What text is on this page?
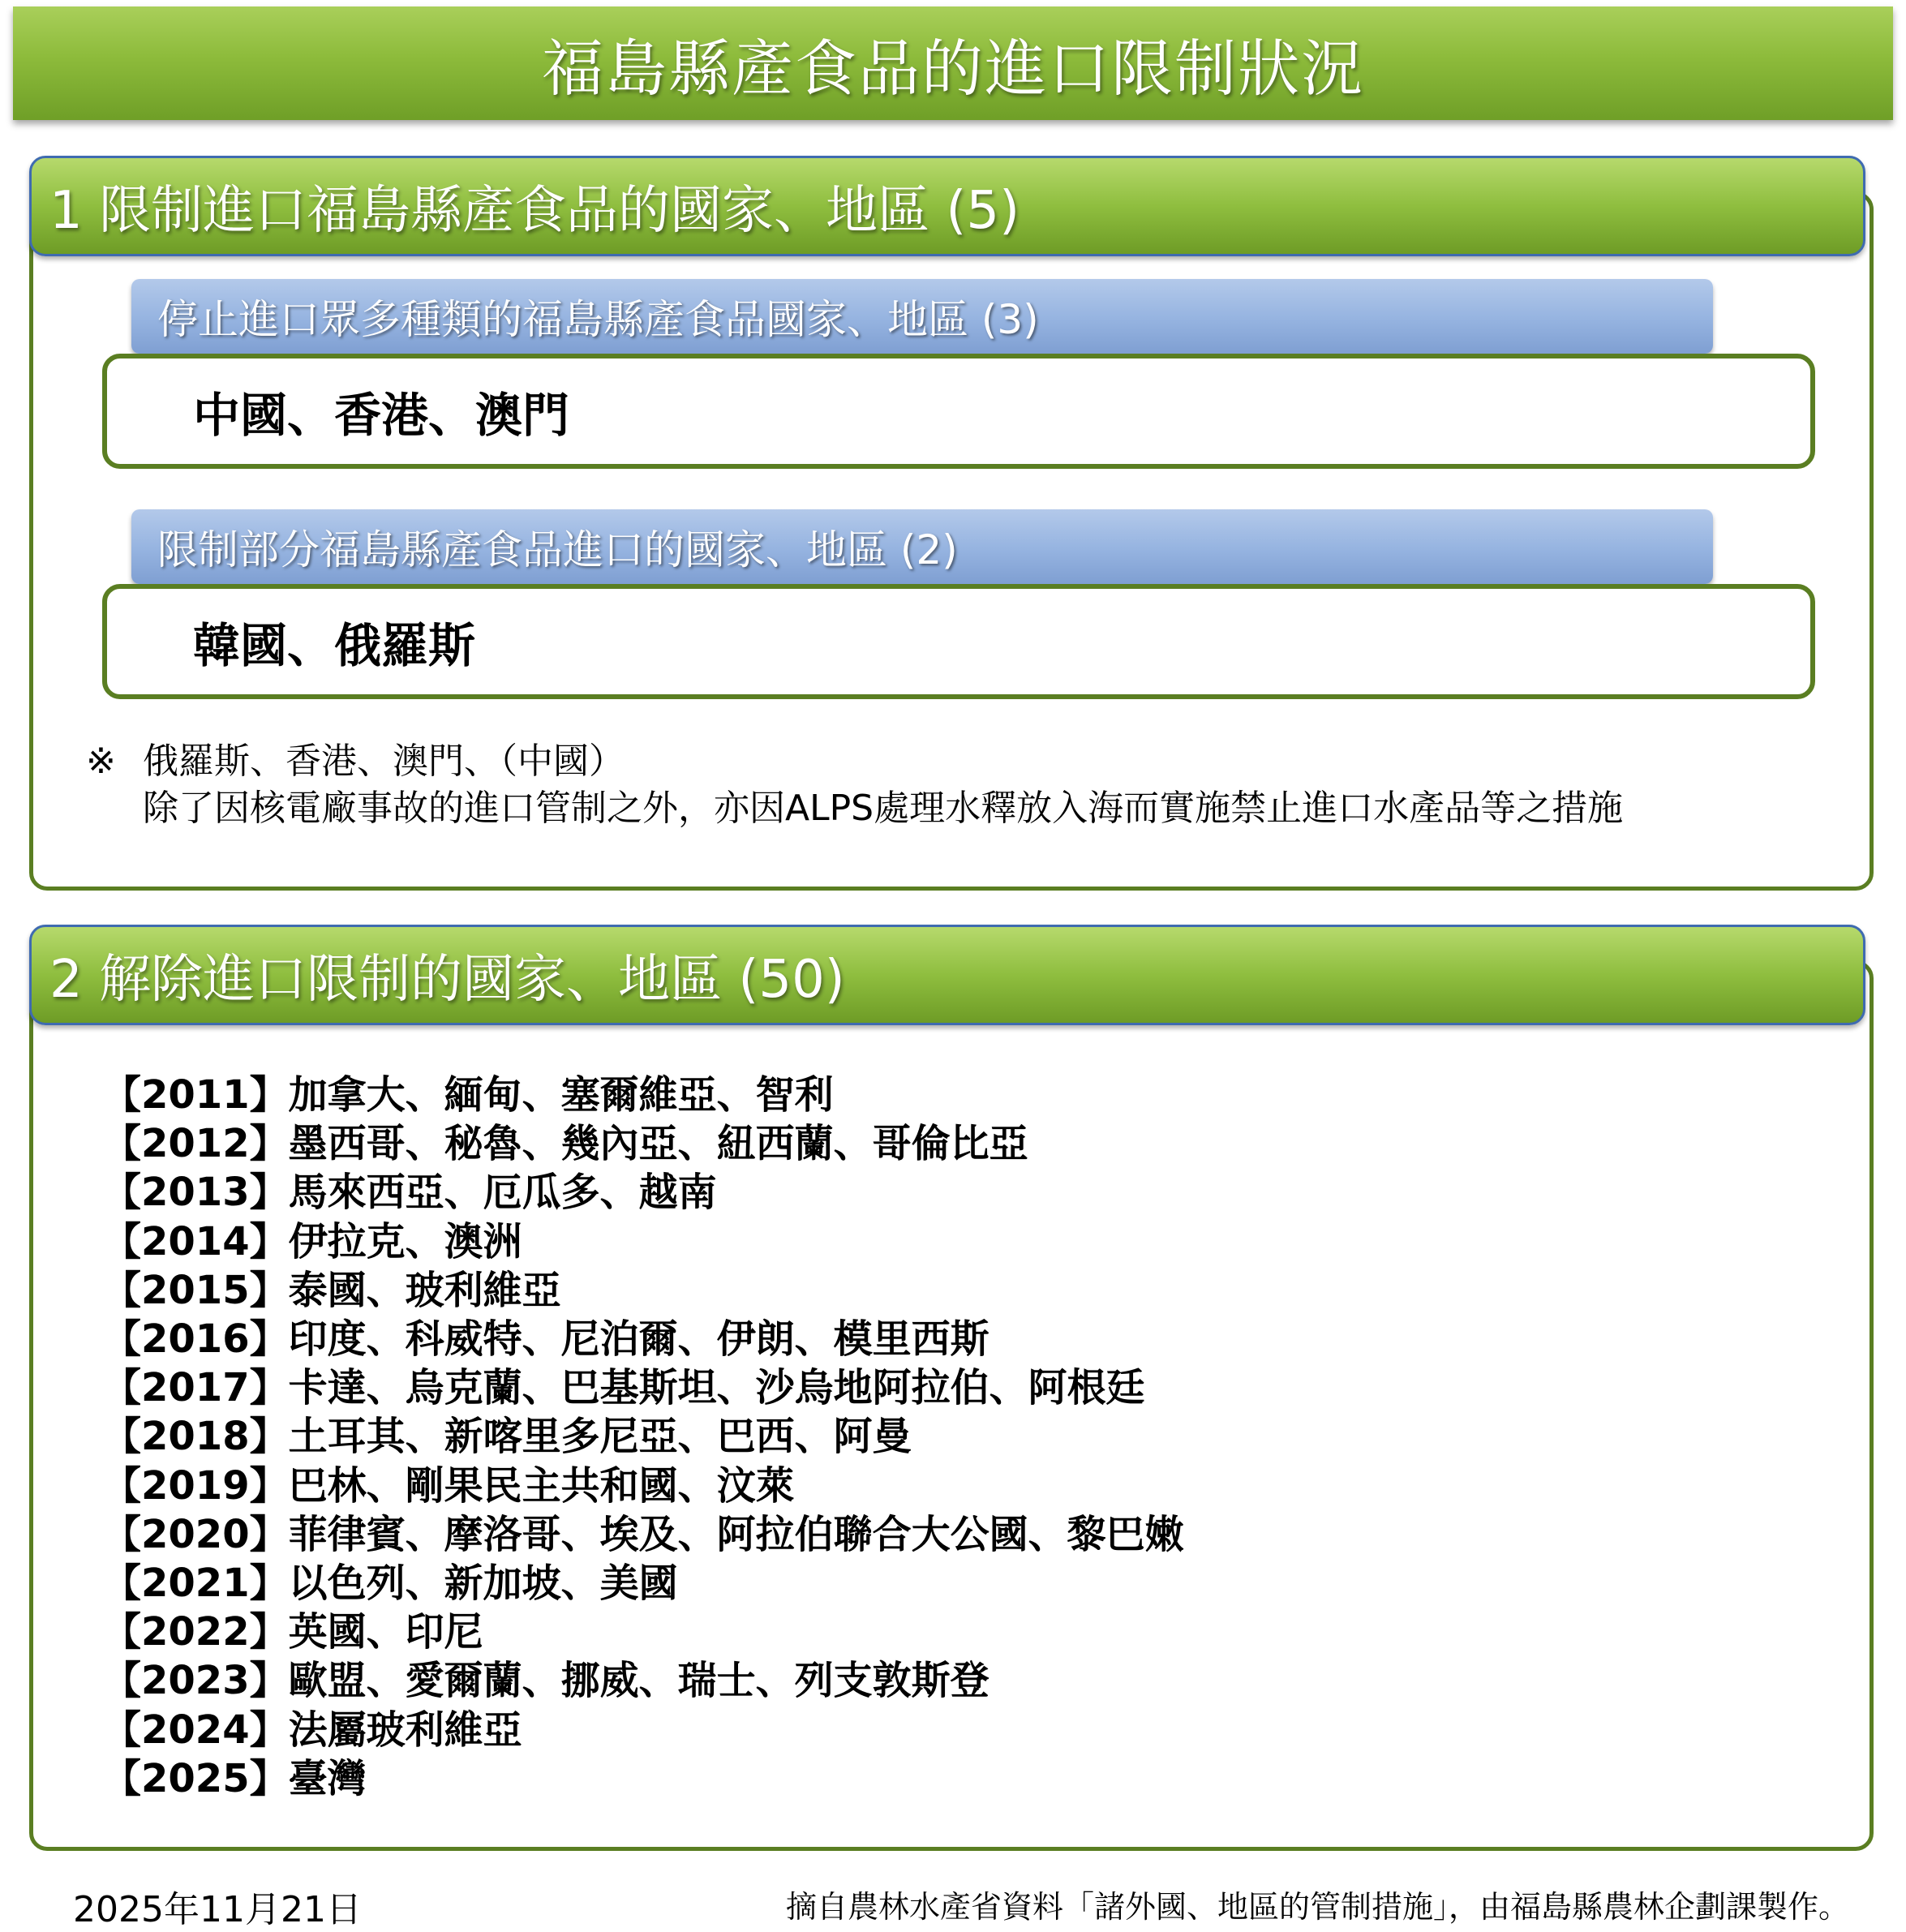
福島縣產食品的進口限制狀況
1 限制進口福島縣產食品的國家、地區 (5)
停止進口眾多種類的福島縣產食品國家、地區 (3)
中國、香港、澳門
限制部分福島縣產食品進口的國家、地區 (2)
韓國、俄羅斯
※ 俄羅斯、香港、澳門、（中國）
除了因核電廠事故的進口管制之外，亦因ALPS處理水釋放入海而實施禁止進口水產品等之措施
2 解除進口限制的國家、地區 (50)
【2011】加拿大、緬甸、塞爾維亞、智利
【2012】墨西哥、秘魯、幾內亞、紐西蘭、哥倫比亞
【2013】馬來西亞、厄瓜多、越南
【2014】伊拉克、澳洲
【2015】泰國、玻利維亞
【2016】印度、科威特、尼泊爾、伊朗、模里西斯
【2017】卡達、烏克蘭、巴基斯坦、沙烏地阿拉伯、阿根廷
【2018】土耳其、新喀里多尼亞、巴西、阿曼
【2019】巴林、剛果民主共和國、汶萊
【2020】菲律賓、摩洛哥、埃及、阿拉伯聯合大公國、黎巴嫩
【2021】以色列、新加坡、美國
【2022】英國、印尼
【2023】歐盟、愛爾蘭、挪威、瑞士、列支敦斯登
【2024】法屬玻利維亞
【2025】臺灣
2025年11月21日	摘自農林水產省資料「諸外國、地區的管制措施」，由福島縣農林企劃課製作。
